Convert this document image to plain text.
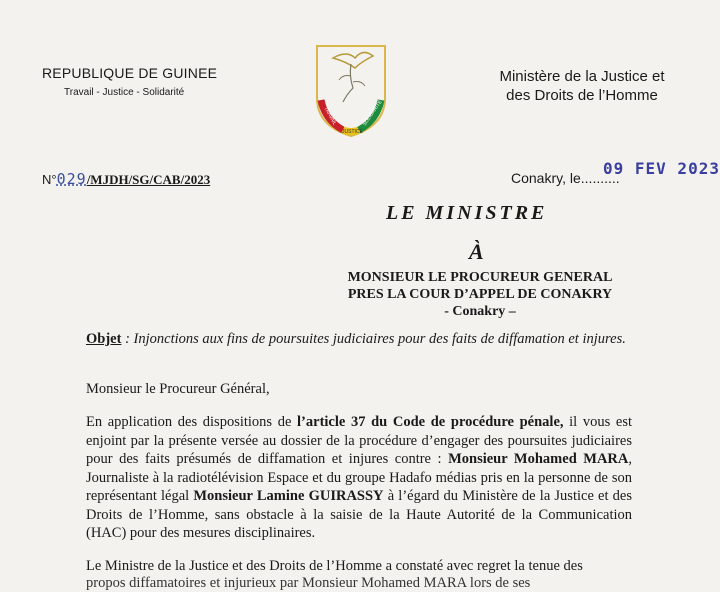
REPUBLIQUE DE GUINEE
Travail - Justice - Solidarité
TRAVAIL
JUSTICE
SOLIDARITÉ
Ministère de la Justice et
des Droits de l’Homme
N°029/MJDH/SG/CAB/2023	Conakry, le..........
09 FEV 2023
LE MINISTRE
À
MONSIEUR LE PROCUREUR GENERAL
PRES LA COUR D’APPEL DE CONAKRY
- Conakry –
Objet : Injonctions aux fins de poursuites judiciaires pour des faits de diffamation et injures.
Monsieur le Procureur Général,
En application des dispositions de l’article 37 du Code de procédure pénale, il vous est enjoint par la présente versée au dossier de la procédure d’engager des poursuites judiciaires pour des faits présumés de diffamation et injures contre : Monsieur Mohamed MARA, Journaliste à la radiotélévision Espace et du groupe Hadafo médias pris en la personne de son représentant légal Monsieur Lamine GUIRASSY à l’égard du Ministère de la Justice et des Droits de l’Homme, sans obstacle à la saisie de la Haute Autorité de la Communication (HAC) pour des mesures disciplinaires.
Le Ministre de la Justice et des Droits de l’Homme a constaté avec regret la tenue des
propos diffamatoires et injurieux par Monsieur Mohamed MARA lors de ses
